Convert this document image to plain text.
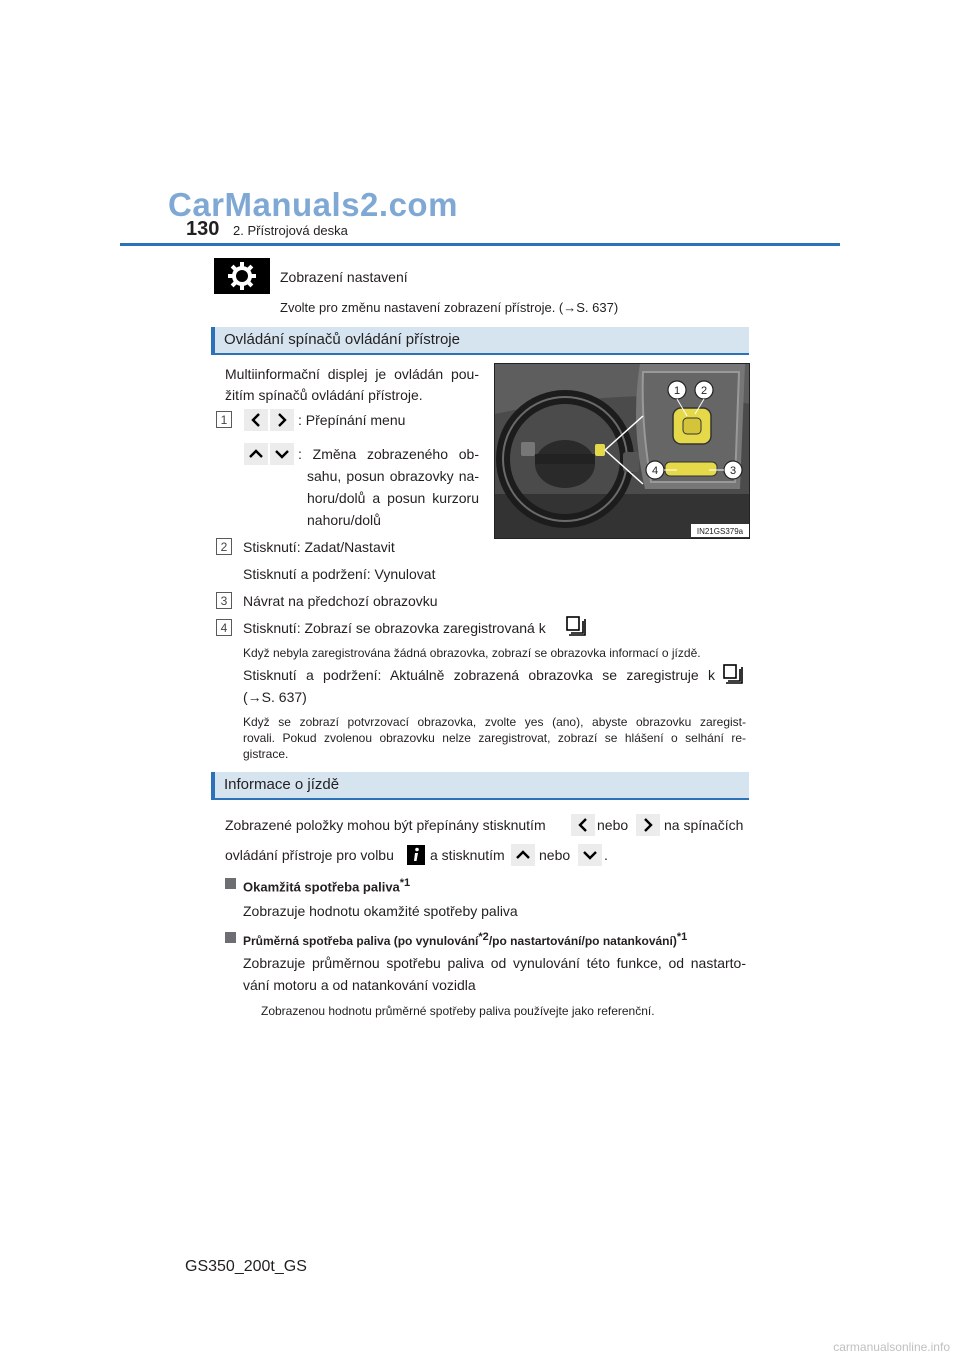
CarManuals2.com
130 2. Přístrojová deska
Zobrazení nastavení
Zvolte pro změnu nastavení zobrazení přístroje. (→S. 637)
Ovládání spínačů ovládání přístroje
Multiinformační displej je ovládán pou-
žitím spínačů ovládání přístroje.
1	: Přepínání menu
: Změna zobrazeného ob-
sahu, posun obrazovky na-
horu/dolů a posun kurzoru
nahoru/dolů
1 2
3
4
IN21GS379a
2	Stisknutí: Zadat/Nastavit
Stisknutí a podržení: Vynulovat
3	Návrat na předchozí obrazovku
4	Stisknutí: Zobrazí se obrazovka zaregistrovaná k
Když nebyla zaregistrována žádná obrazovka, zobrazí se obrazovka informací o jízdě.
Stisknutí a podržení: Aktuálně zobrazená obrazovka se zaregistruje k
(→S. 637)
Když se zobrazí potvrzovací obrazovka, zvolte yes (ano), abyste obrazovku zaregist-
rovali. Pokud zvolenou obrazovku nelze zaregistrovat, zobrazí se hlášení o selhání re-
gistrace.
Informace o jízdě
Zobrazené položky mohou být přepínány stisknutím	nebo	na spínačích
ovládání přístroje pro volbu	a stisknutím nebo .
Okamžitá spotřeba paliva$^{*1}$
Zobrazuje hodnotu okamžité spotřeby paliva
Průměrná spotřeba paliva (po vynulování$^{*2}$/po nastartování/po natankování)$^{*1}$
Zobrazuje průměrnou spotřebu paliva od vynulování této funkce, od nastarto-
vání motoru a od natankování vozidla
Zobrazenou hodnotu průměrné spotřeby paliva používejte jako referenční.
GS350_200t_GS
carmanualsonline.info
